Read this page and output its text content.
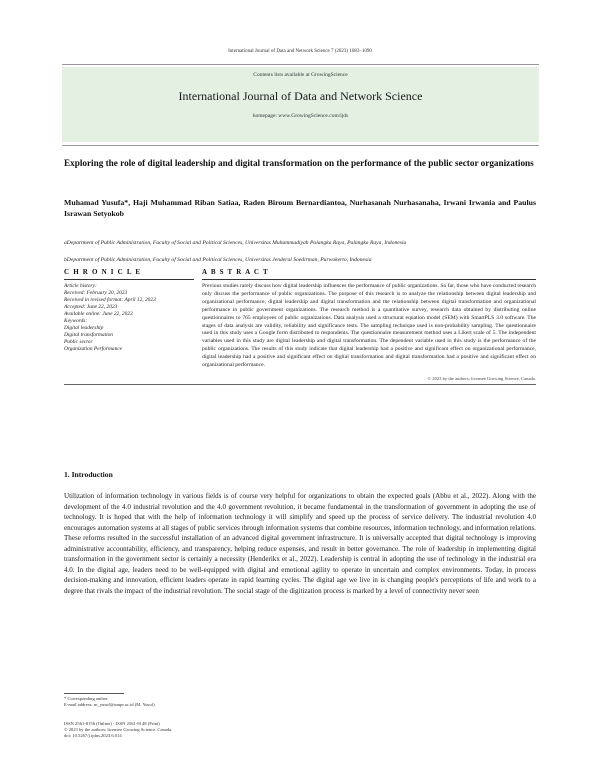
International Journal of Data and Network Science 7 (2023) 1083–1090
Contents lists available at GrowingScience
International Journal of Data and Network Science
homepage: www.GrowingScience.com/ijds
Exploring the role of digital leadership and digital transformation on the performance of the public sector organizations
Muhamad Yusufa*, Haji Muhammad Riban Satiaa, Raden Biroum Bernardiantoa, Nurhasanah Nurhasanaha, Irwani Irwania and Paulus Israwan Setyokob
aDepartment of Public Administration, Faculty of Social and Political Sciences, Universitas Muhammadiyah Palangka Raya, Palangka Raya, Indonesia
bDepartment of Public Administration, Faculty of Social and Political Sciences, Universitas Jenderal Soedirman, Purwokerto, Indonesia
C H R O N I C L E	A B S T R A C T
Article history:
Received: February 20, 2023
Received in revised format: April 12, 2023
Accepted: June 22, 2023
Available online: June 22, 2023
Keywords:
Digital leadership
Digital transformation
Public sector
Organization Performance
Previous studies rarely discuss how digital leadership influences the performance of public organizations. So far, those who have conducted research only discuss the performance of public organizations. The purpose of this research is to analyze the relationship between digital leadership and organizational performance, digital leadership and digital transformation and the relationship between digital transformation and organizational performance in public government organizations. The research method is a quantitative survey, research data obtained by distributing online questionnaires to 765 employees of public organizations. Data analysis used a structural equation model (SEM) with SmartPLS 3.0 software. The stages of data analysis are validity, reliability and significance tests. The sampling technique used is non-probability sampling. The questionnaire used in this study uses a Google form distributed to respondents. The questionnaire measurement method uses a Likert scale of 5. The independent variables used in this study are digital leadership and digital transformation. The dependent variable used in this study is the performance of the public organizations. The results of this study indicate that digital leadership had a positive and significant effect on organizational performance, digital leadership had a positive and significant effect on digital transformation and digital transformation had a positive and significant effect on organizational performance.
© 2023 by the authors; licensee Growing Science, Canada.
1. Introduction
Utilization of information technology in various fields is of course very helpful for organizations to obtain the expected goals (Abbu et al., 2022). Along with the development of the 4.0 industrial revolution and the 4.0 government revolution, it became fundamental in the transformation of government in adopting the use of technology. It is hoped that with the help of information technology it will simplify and speed up the process of service delivery. The industrial revolution 4.0 encourages automation systems at all stages of public services through information systems that combine resources, information technology, and information relations. These reforms resulted in the successful installation of an advanced digital government infrastructure. It is universally accepted that digital technology is improving administrative accountability, efficiency, and transparency, helping reduce expenses, and result in better governance. The role of leadership in implementing digital transformation in the government sector is certainly a necessity (Henderikx et al., 2022). Leadership is central in adopting the use of technology in the industrial era 4.0. In the digital age, leaders need to be well-equipped with digital and emotional agility to operate in uncertain and complex environments. Today, in process decision-making and innovation, efficient leaders operate in rapid learning cycles. The digital age we live in is changing people's perceptions of life and work to a degree that rivals the impact of the industrial revolution. The social stage of the digitization process is marked by a level of connectivity never seen
* Corresponding author.
E-mail address: m_yusuf@umpr.ac.id (M. Yusuf)
ISSN 2561-8156 (Online) - ISSN 2561-8148 (Print)
© 2023 by the authors; licensee Growing Science, Canada.
doi: 10.5267/j.ijdns.2023.6.014
